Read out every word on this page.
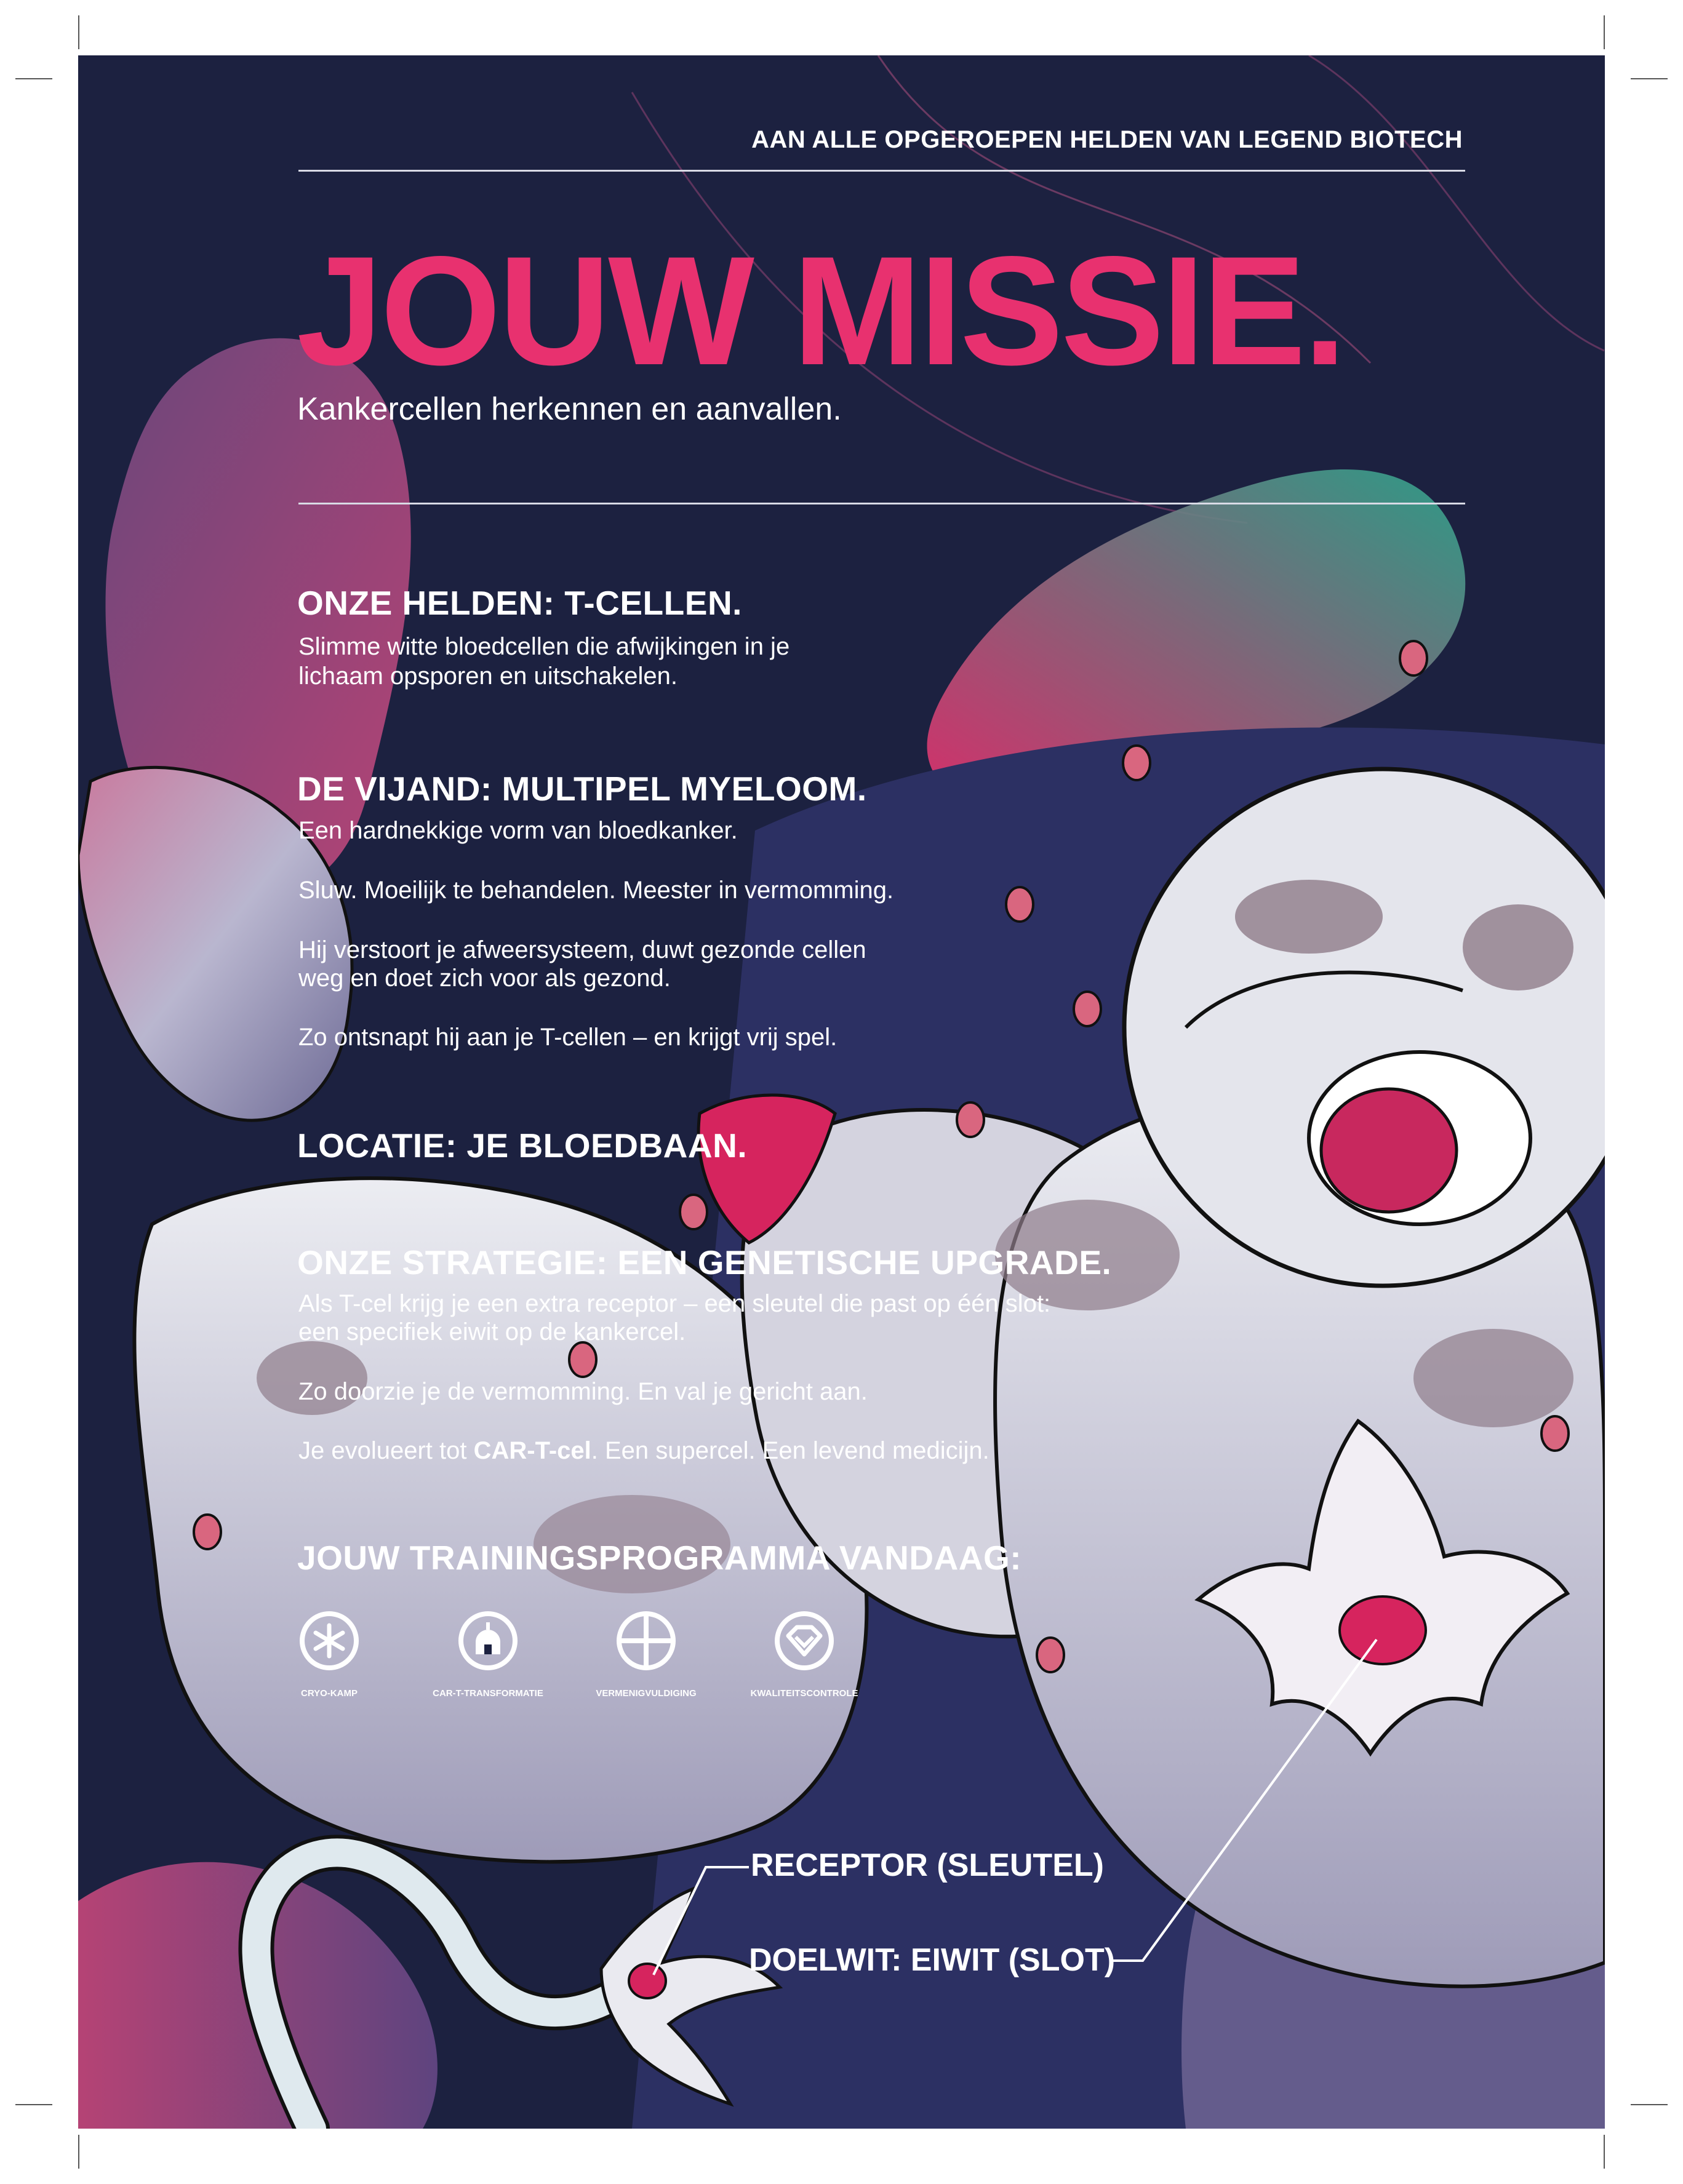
AAN ALLE OPGEROEPEN HELDEN VAN LEGEND BIOTECH
JOUW MISSIE.
Kankercellen herkennen en aanvallen.
ONZE HELDEN: T-CELLEN.
Slimme witte bloedcellen die afwijkingen in je
lichaam opsporen en uitschakelen.
DE VIJAND: MULTIPEL MYELOOM.
Een hardnekkige vorm van bloedkanker.
Sluw. Moeilijk te behandelen. Meester in vermomming.
Hij verstoort je afweersysteem, duwt gezonde cellen
weg en doet zich voor als gezond.
Zo ontsnapt hij aan je T-cellen – en krijgt vrij spel.
LOCATIE: JE BLOEDBAAN.
ONZE STRATEGIE: EEN GENETISCHE UPGRADE.
Als T-cel krijg je een extra receptor – een sleutel die past op één slot:
een specifiek eiwit op de kankercel.
Zo doorzie je de vermomming. En val je gericht aan.
Je evolueert tot CAR-T-cel. Een supercel. Een levend medicijn.
JOUW TRAININGSPROGRAMMA VANDAAG:
CRYO-KAMP	CAR-T-TRANSFORMATIE	VERMENIGVULDIGING	KWALITEITSCONTROLE
RECEPTOR (SLEUTEL)
DOELWIT: EIWIT (SLOT)
